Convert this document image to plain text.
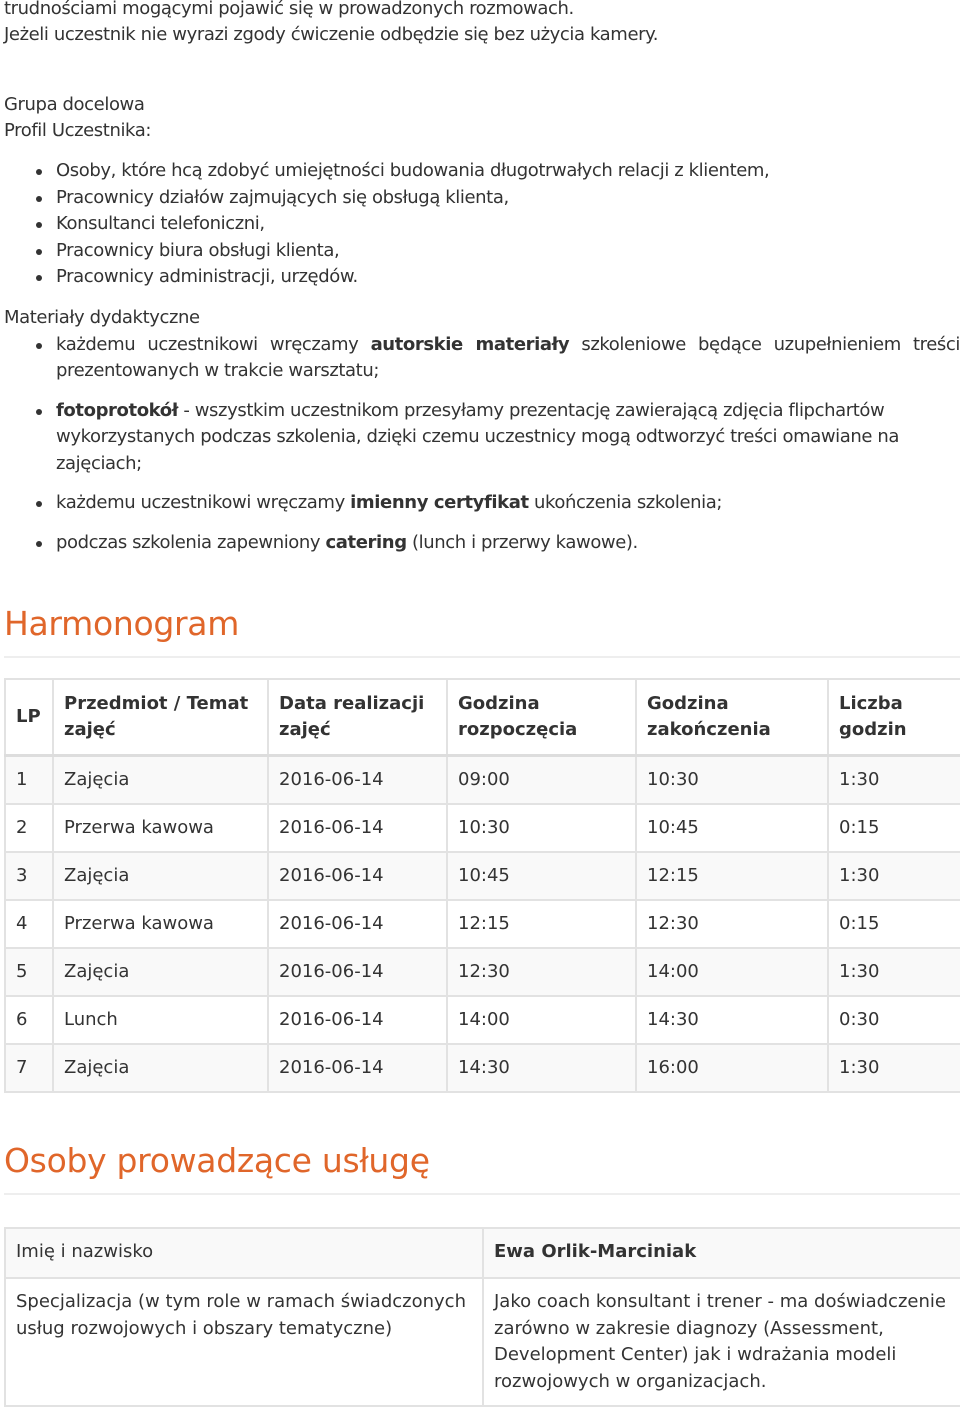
trudnościami mogącymi pojawić się w prowadzonych rozmowach.

Jeżeli uczestnik nie wyrazi zgody ćwiczenie odbędzie się bez użycia kamery.

Grupa docelowa

Profil Uczestnika:

Osoby, które hcą zdobyć umiejętności budowania długotrwałych relacji z klientem,
Pracownicy działów zajmujących się obsługą klienta,
Konsultanci telefoniczni,
Pracownicy biura obsługi klienta,
Pracownicy administracji, urzędów.

Materiały dydaktyczne

każdemu uczestnikowi wręczamy autorskie materiały szkoleniowe będące uzupełnieniem treści prezentowanych w trakcie warsztatu;
fotoprotokół - wszystkim uczestnikom przesyłamy prezentację zawierającą zdjęcia flipchartów
wykorzystanych podczas szkolenia, dzięki czemu uczestnicy mogą odtworzyć treści omawiane na
zajęciach;
każdemu uczestnikowi wręczamy imienny certyfikat ukończenia szkolenia;
podczas szkolenia zapewniony catering (lunch i przerwy kawowe).
Harmonogram
LP	Przedmiot / Temat zajęć	Data realizacji zajęć	Godzina rozpoczęcia	Godzina zakończenia	Liczba godzin
1	Zajęcia	2016-06-14	09:00	10:30	1:30
2	Przerwa kawowa	2016-06-14	10:30	10:45	0:15
3	Zajęcia	2016-06-14	10:45	12:15	1:30
4	Przerwa kawowa	2016-06-14	12:15	12:30	0:15
5	Zajęcia	2016-06-14	12:30	14:00	1:30
6	Lunch	2016-06-14	14:00	14:30	0:30
7	Zajęcia	2016-06-14	14:30	16:00	1:30
Osoby prowadzące usługę
Imię i nazwisko	Ewa Orlik-Marciniak
Specjalizacja (w tym role w ramach świadczonych usług rozwojowych i obszary tematyczne)	Jako coach konsultant i trener - ma doświadczenie zarówno w zakresie diagnozy (Assessment, Development Center) jak i wdrażania modeli rozwojowych w organizacjach.
